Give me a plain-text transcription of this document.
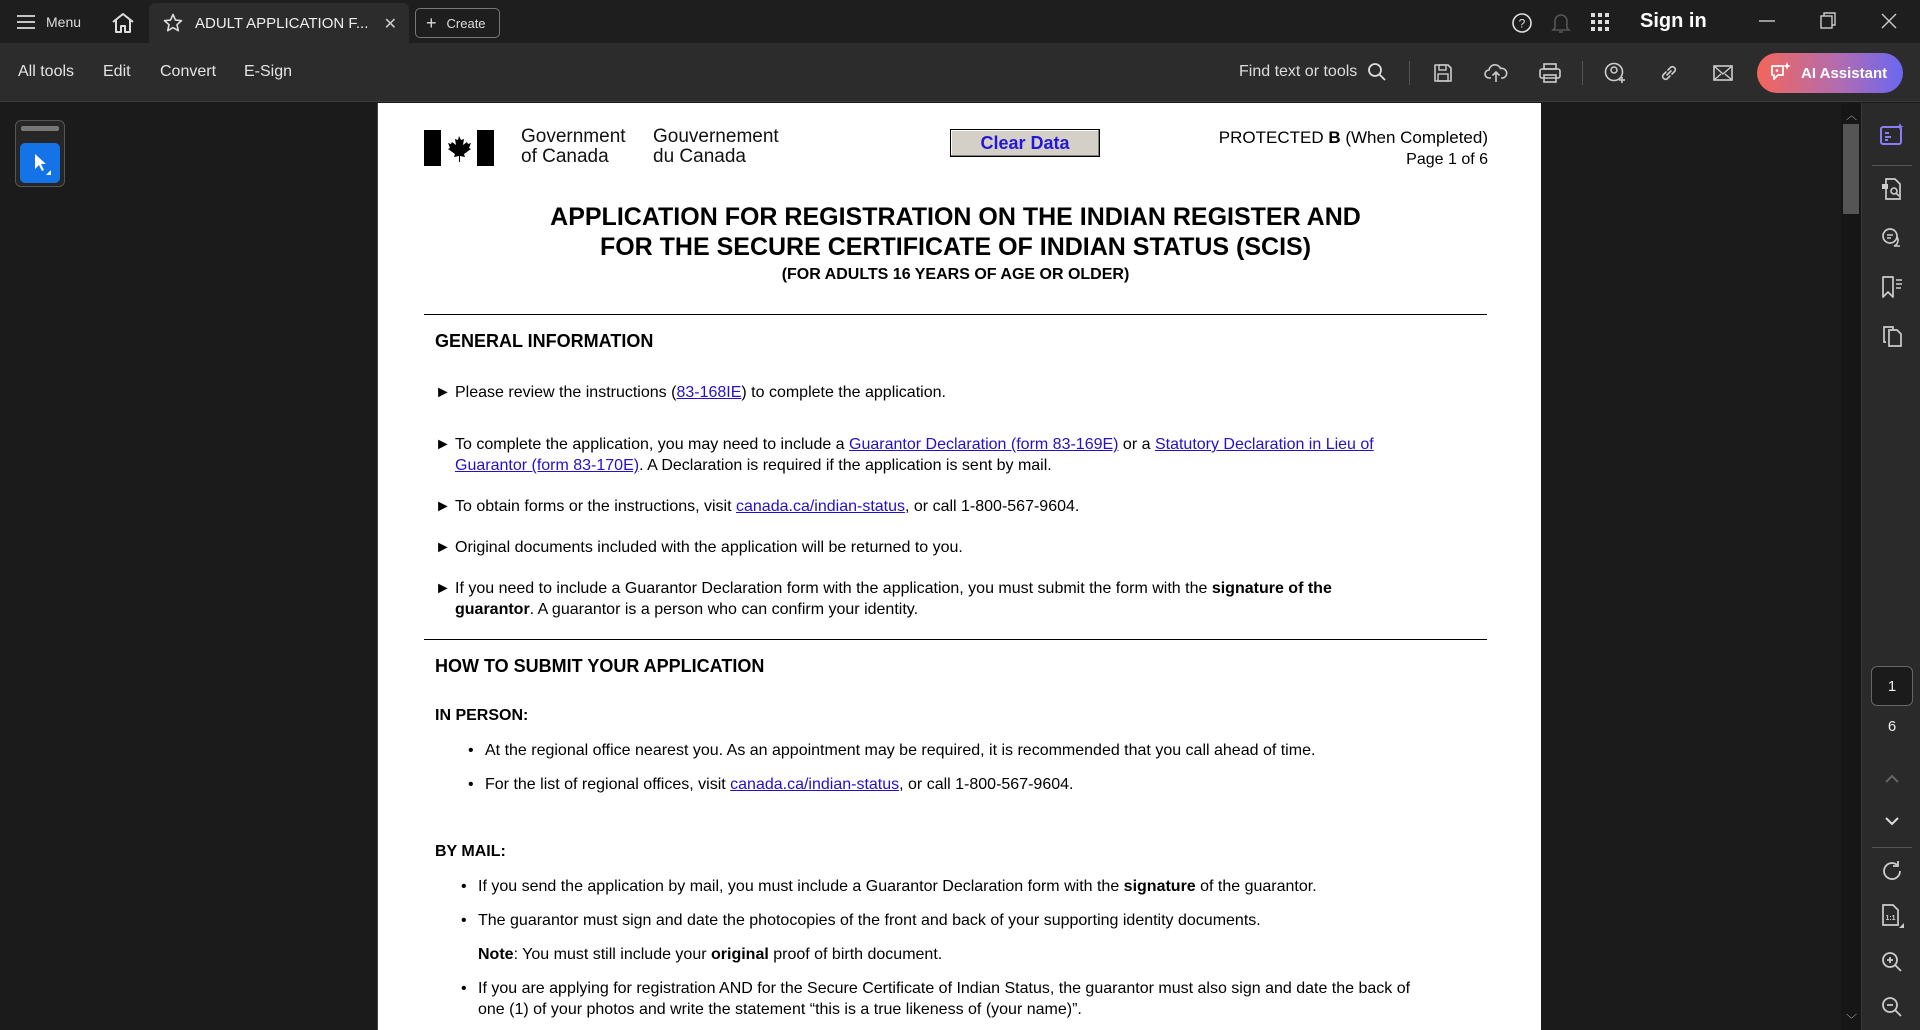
Menu	ADULT APPLICATION F... ✕ + Create	?	Sign in
All tools Edit Convert E-Sign	Find text or tools	AI Assistant
Government
of Canada
Gouvernement
du Canada
Clear Data	PROTECTED B (When Completed)
Page 1 of 6
APPLICATION FOR REGISTRATION ON THE INDIAN REGISTER AND
FOR THE SECURE CERTIFICATE OF INDIAN STATUS (SCIS)
(FOR ADULTS 16 YEARS OF AGE OR OLDER)
GENERAL INFORMATION
► Please review the instructions (83-168IE) to complete the application.
► To complete the application, you may need to include a Guarantor Declaration (form 83-169E) or a Statutory Declaration in Lieu of
Guarantor (form 83-170E). A Declaration is required if the application is sent by mail.
► To obtain forms or the instructions, visit canada.ca/indian-status, or call 1-800-567-9604.
► Original documents included with the application will be returned to you.
► If you need to include a Guarantor Declaration form with the application, you must submit the form with the signature of the
guarantor. A guarantor is a person who can confirm your identity.
HOW TO SUBMIT YOUR APPLICATION
IN PERSON:
• At the regional office nearest you. As an appointment may be required, it is recommended that you call ahead of time.
• For the list of regional offices, visit canada.ca/indian-status, or call 1-800-567-9604.
BY MAIL:
• If you send the application by mail, you must include a Guarantor Declaration form with the signature of the guarantor.
• The guarantor must sign and date the photocopies of the front and back of your supporting identity documents.
Note: You must still include your original proof of birth document.
• If you are applying for registration AND for the Secure Certificate of Indian Status, the guarantor must also sign and date the back of
one (1) of your photos and write the statement “this is a true likeness of (your name)”.
︿
﹀
1
6
1:1
